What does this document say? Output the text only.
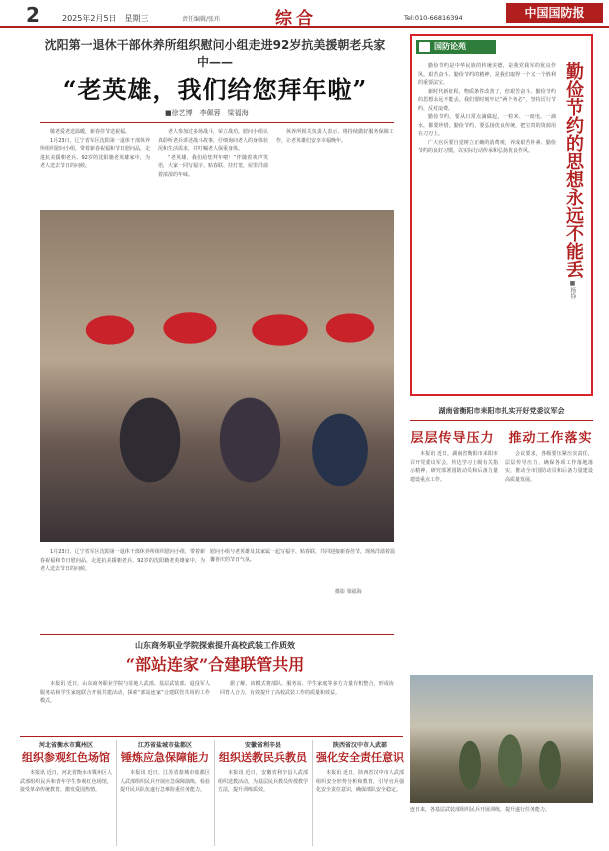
2	2025年2月5日　星期三	责任编辑/张玮	综合	Tel:010-66816394	中国国防报
沈阳第一退休干部休养所组织慰问小组走进92岁抗美援朝老兵家中——
“老英雄，我们给您拜年啦”
■徐艺博　李佩蓉　梁福海

敬老爱老送温暖，新春佳节送祝福。

1月23日，辽宁省军区沈阳第一退休干部休养所组织慰问小组，带着新春祝福和节日慰问品，走进抗美援朝老兵、92岁的沈阳籍老英雄家中，为老人送去节日的问候。

老人参加过多场战斗，荣立战功。慰问小组认真聆听老兵讲述战斗故事，仔细询问老人的身体状况和生活需求，并叮嘱老人保重身体。

“老英雄，我们给您拜年啦！”伴随着欢声笑语，大家一同写福字、贴春联、挂灯笼，屋里洋溢着浓浓的年味。

休养所相关负责人表示，将持续做好服务保障工作，让老英雄们安享幸福晚年。

慰问小组与老英雄及其家属一起写福字、贴春联，共同迎接新春佳节，现场洋溢着温馨喜庆的节日气氛。
摄影 梁福海

1月23日，辽宁省军区沈阳第一退休干部休养所组织慰问小组，带着新春祝福和节日慰问品，走进抗美援朝老兵、92岁的沈阳籍老英雄家中，为老人送去节日的问候。

山东商务职业学院探索提升高校武装工作质效
“部站连家”合建联管共用

本报讯 近日，山东商务职业学院与驻地人武部、基层武装部、退役军人服务站和学生家庭联合开展共建活动，探索“部站连家”合建联管共用的工作模式。

据了解，该模式将部队、服务站、学生家庭等多方力量有机整合，形成协同育人合力，有效提升了高校武装工作的质量和效益。

国防论苑

勤俭节约是中华民族的传统美德，是我党我军的优良作风。艰苦奋斗、勤俭节约的精神，是我们取得一个又一个胜利的重要法宝。

新时代新征程，物质条件改善了，但艰苦奋斗、勤俭节约的思想永远不能丢。我们要时刻牢记“两个务必”，坚持厉行节约、反对浪费。

勤俭节约，要从日常点滴做起，一粒米、一度电、一滴水，都要珍惜。勤俭节约，要弘扬优良传统，把宝贵的资源用在刀刃上。

广大官兵要自觉树立正确的消费观，养成艰苦朴素、勤俭节约的良好习惯，以实际行动传承和弘扬优良作风。	勤俭节约的思想永远不能丢
■杨铮
湖南省衡阳市耒阳市扎实开好党委议军会
层层传导压力　推动工作落实

本报讯 近日，湖南省衡阳市耒阳市召开党委议军会，传达学习上级有关指示精神，研究部署国防动员和后备力量建设重点工作。

会议要求，各级要压紧压实责任，层层传导压力，确保各项工作落地落实，推动全市国防动员和后备力量建设高质量发展。

连日来，各基层武装部组织民兵开展训练，提升遂行任务能力。
河北省衡水市冀州区
组织参观红色场馆

本报讯 近日，河北省衡水市冀州区人武部组织民兵和青年学生参观红色场馆，接受革命传统教育，激发爱国热情。

江苏省盐城市盐都区
锤炼应急保障能力

本报讯 近日，江苏省盐城市盐都区人武部组织民兵开展应急保障演练，检验提升民兵队伍遂行急难险重任务能力。

安徽省利辛县
组织送教民兵教员

本报讯 近日，安徽省利辛县人武部组织送教活动，为基层民兵教员传授教学方法，提升训练质效。

陕西省汉中市人武部
强化安全责任意识

本报讯 近日，陕西省汉中市人武部组织安全形势分析和教育，引导官兵强化安全责任意识，确保部队安全稳定。
